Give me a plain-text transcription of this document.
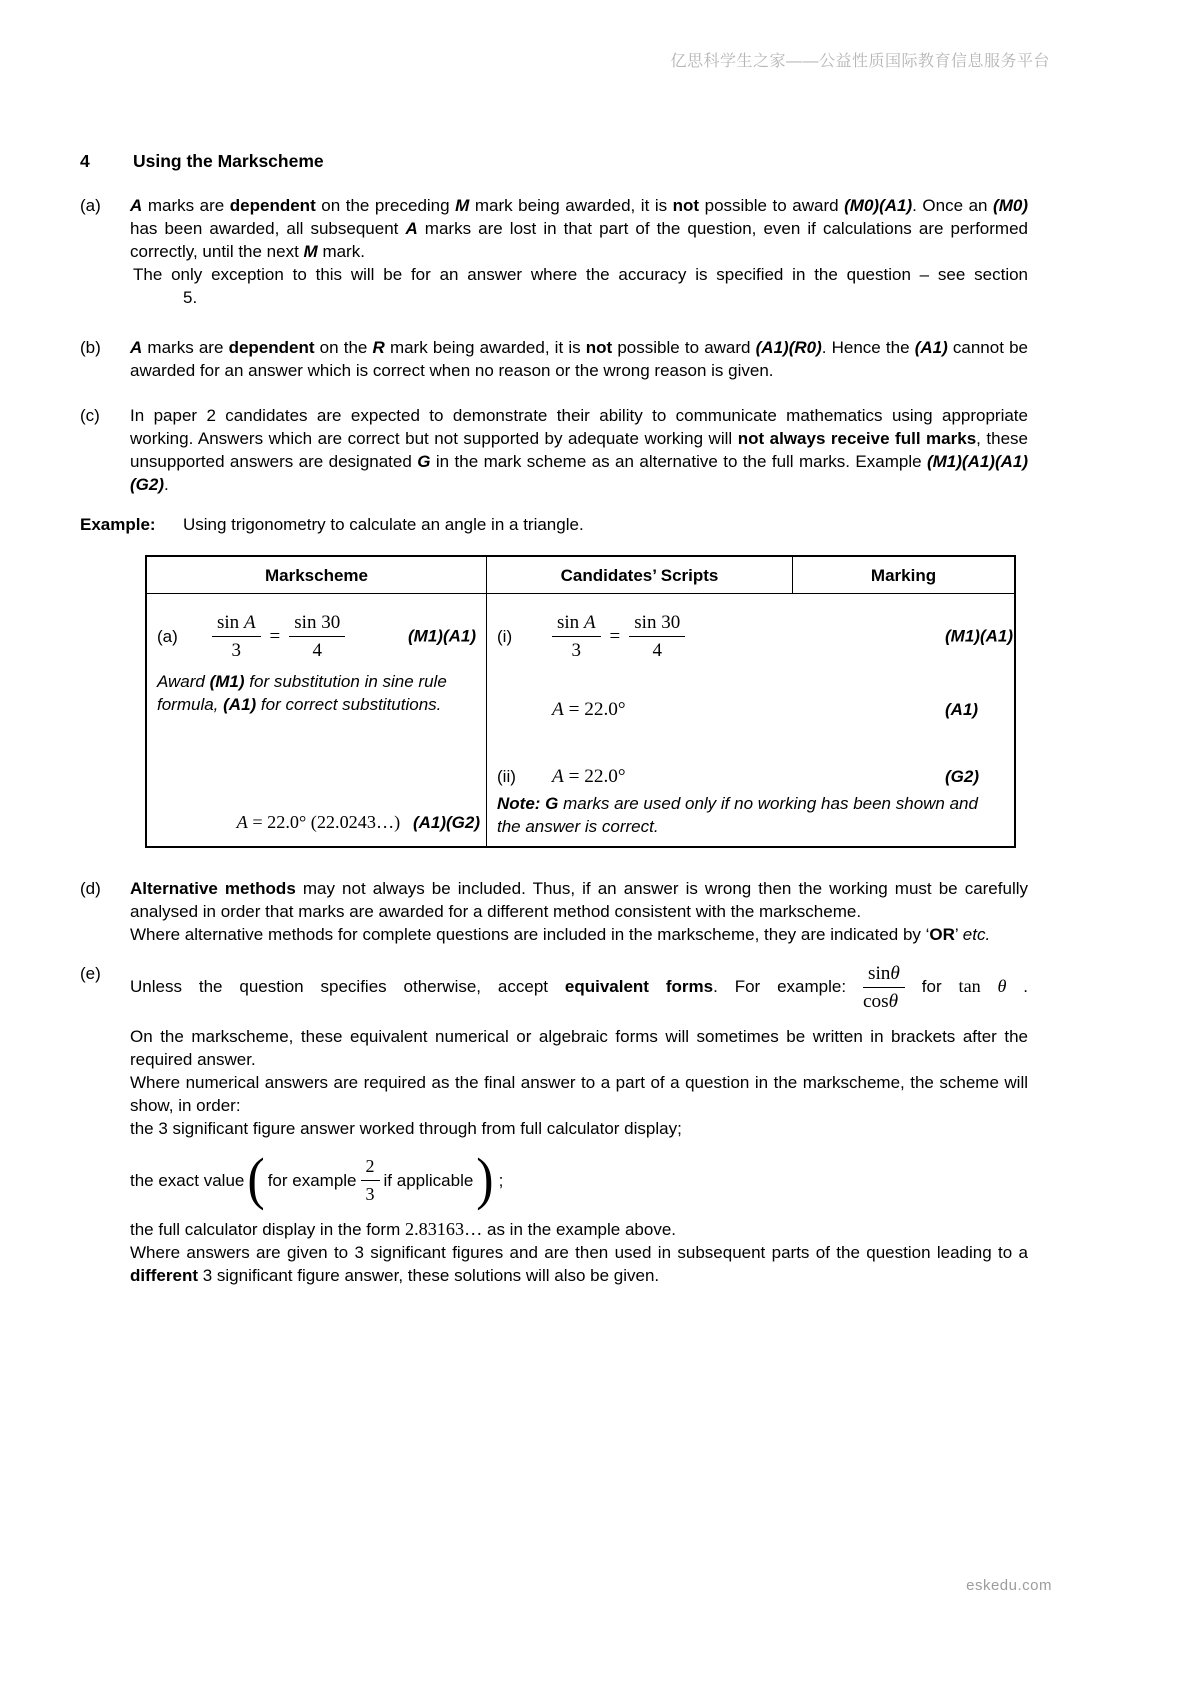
亿思科学生之家——公益性质国际教育信息服务平台
4 Using the Markscheme
(a)	A marks are dependent on the preceding M mark being awarded, it is not possible to award (M0)(A1). Once an (M0) has been awarded, all subsequent A marks are lost in that part of the question, even if calculations are performed correctly, until the next M mark.
The only exception to this will be for an answer where the accuracy is specified in the question – see section
5.
(b)	A marks are dependent on the R mark being awarded, it is not possible to award (A1)(R0). Hence the (A1) cannot be awarded for an answer which is correct when no reason or the wrong reason is given.
(c)	In paper 2 candidates are expected to demonstrate their ability to communicate mathematics using appropriate working. Answers which are correct but not supported by adequate working will not always receive full marks, these unsupported answers are designated G in the mark scheme as an alternative to the full marks. Example (M1)(A1)(A1)(G2).
Example:	Using trigonometry to calculate an angle in a triangle.
Markscheme	Candidates’ Scripts	Marking
(a)	$\frac{\text{sin A}}{3} = \frac{\sin 30}{4}$	(M1)(A1)
Award (M1) for substitution in sine rule formula, (A1) for correct substitutions.
A = 22.0° (22.0243…) (A1)(G2)
(i)	$\frac{\text{sin A}}{3} = \frac{\sin 30}{4}$	(M1)(A1)
A = 22.0°	(A1)
(ii)	A = 22.0°	(G2)
Note: G marks are used only if no working has been shown and the answer is correct.
(d)	Alternative methods may not always be included. Thus, if an answer is wrong then the working must be carefully analysed in order that marks are awarded for a different method consistent with the markscheme.
Where alternative methods for complete questions are included in the markscheme, they are indicated by ‘OR’ etc.
(e)
Unless the question specifies otherwise, accept equivalent forms. For example: $\frac{\sin\theta}{\cos\theta}$ for tan θ .
On the markscheme, these equivalent numerical or algebraic forms will sometimes be written in brackets after the required answer.
Where numerical answers are required as the final answer to a part of a question in the markscheme, the scheme will show, in order:
the 3 significant figure answer worked through from full calculator display;
the exact value ( for example $\frac{2}{3}$ if applicable ) ;
the full calculator display in the form 2.83163… as in the example above.
Where answers are given to 3 significant figures and are then used in subsequent parts of the question leading to a different 3 significant figure answer, these solutions will also be given.
eskedu.com
